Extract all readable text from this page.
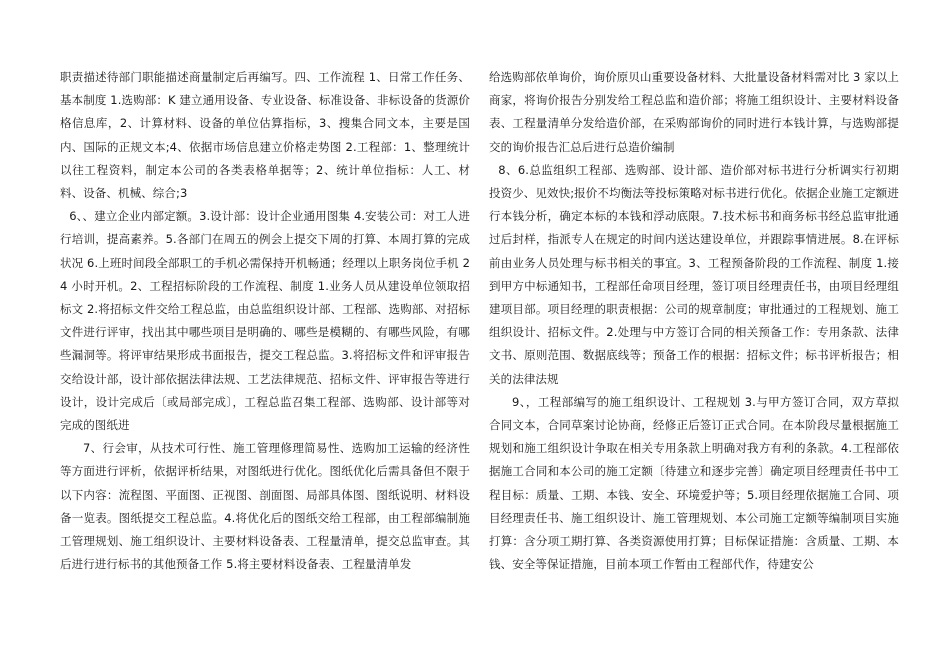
职责描述待部门职能描述商量制定后再编写。四、工作流程 1、日常工作任务、基本制度 1.选购部：K 建立通用设备、专业设备、标准设备、非标设备的货源价格信息库，2、计算材料、设备的单位估算指标，3、搜集合同文本，主要是国内、国际的正规文本;4、依据市场信息建立价格走势图 2.工程部：1、整理统计以往工程资料，制定本公司的各类表格单据等；2、统计单位指标：人工、材料、设备、机械、综合;3

6、、建立企业内部定额。3.设计部：设计企业通用图集 4.安装公司：对工人进行培训，提高素养。5.各部门在周五的例会上提交下周的打算、本周打算的完成状况 6.上班时间段全部职工的手机必需保持开机畅通；经理以上职务岗位手机 24 小时开机。2、工程招标阶段的工作流程、制度 1.业务人员从建设单位领取招标文 2.将招标文件交给工程总监，由总监组织设计部、工程部、选购部、对招标文件进行评审，找出其中哪些项目是明确的、哪些是模糊的、有哪些风险，有哪些漏洞等。将评审结果形成书面报告，提交工程总监。3.将招标文件和评审报告交给设计部，设计部依据法律法规、工艺法律规范、招标文件、评审报告等进行设计，设计完成后〔或局部完成〕，工程总监召集工程部、选购部、设计部等对完成的图纸进

7、行会审，从技术可行性、施工管理修理简易性、选购加工运输的经济性等方面进行评析，依据评析结果，对图纸进行优化。图纸优化后需具备但不限于以下内容：流程图、平面图、正视图、剖面图、局部具体图、图纸说明、材料设备一览表。图纸提交工程总监。4.将优化后的图纸交给工程部，由工程部编制施工管理规划、施工组织设计、主要材料设备表、工程量清单，提交总监审查。其后进行进行标书的其他预备工作 5.将主要材料设备表、工程量清单发

给选购部依单询价，询价原贝山重要设备材料、大批量设备材料需对比 3 家以上商家，将询价报告分别发给工程总监和造价部；将施工组织设计、主要材料设备表、工程量清单分发给造价部，在采购部询价的同时进行本钱计算，与选购部提交的询价报告汇总后进行总造价编制

8、6.总监组织工程部、选购部、设计部、造价部对标书进行分析调实行初期投资少、见效快;报价不均衡法等投标策略对标书进行优化。依据企业施工定额进行本钱分析，确定本标的本钱和浮动底限。7.技术标书和商务标书经总监审批通过后封样，指派专人在规定的时间内送达建设单位，并跟踪事情进展。8.在评标前由业务人员处理与标书相关的事宜。3、工程预备阶段的工作流程、制度 1.接到甲方中标通知书，工程部任命项目经理，签订项目经理责任书，由项目经理组建项目部。项目经理的职责根据：公司的规章制度；审批通过的工程规划、施工组织设计、招标文件。2.处理与中方签订合同的相关预备工作：专用条款、法律文书、原则范围、数据底线等；预备工作的根据：招标文件；标书评析报告；相关的法律法规

9、，工程部编写的施工组织设计、工程规划 3.与甲方签订合同，双方草拟合同文本，合同草案讨论协商，经修正后签订正式合同。在本阶段尽量根据施工规划和施工组织设计争取在相关专用条款上明确对我方有利的条款。4.工程部依据施工合同和本公司的施工定额〔待建立和逐步完善〕确定项目经理责任书中工程目标：质量、工期、本钱、安全、环境爱护等；5.项目经理依据施工合同、项目经理责任书、施工组织设计、施工管理规划、本公司施工定额等编制项目实施打算：含分项工期打算、各类资源使用打算；目标保证措施：含质量、工期、本钱、安全等保证措施，目前本项工作暂由工程部代作，待建安公
